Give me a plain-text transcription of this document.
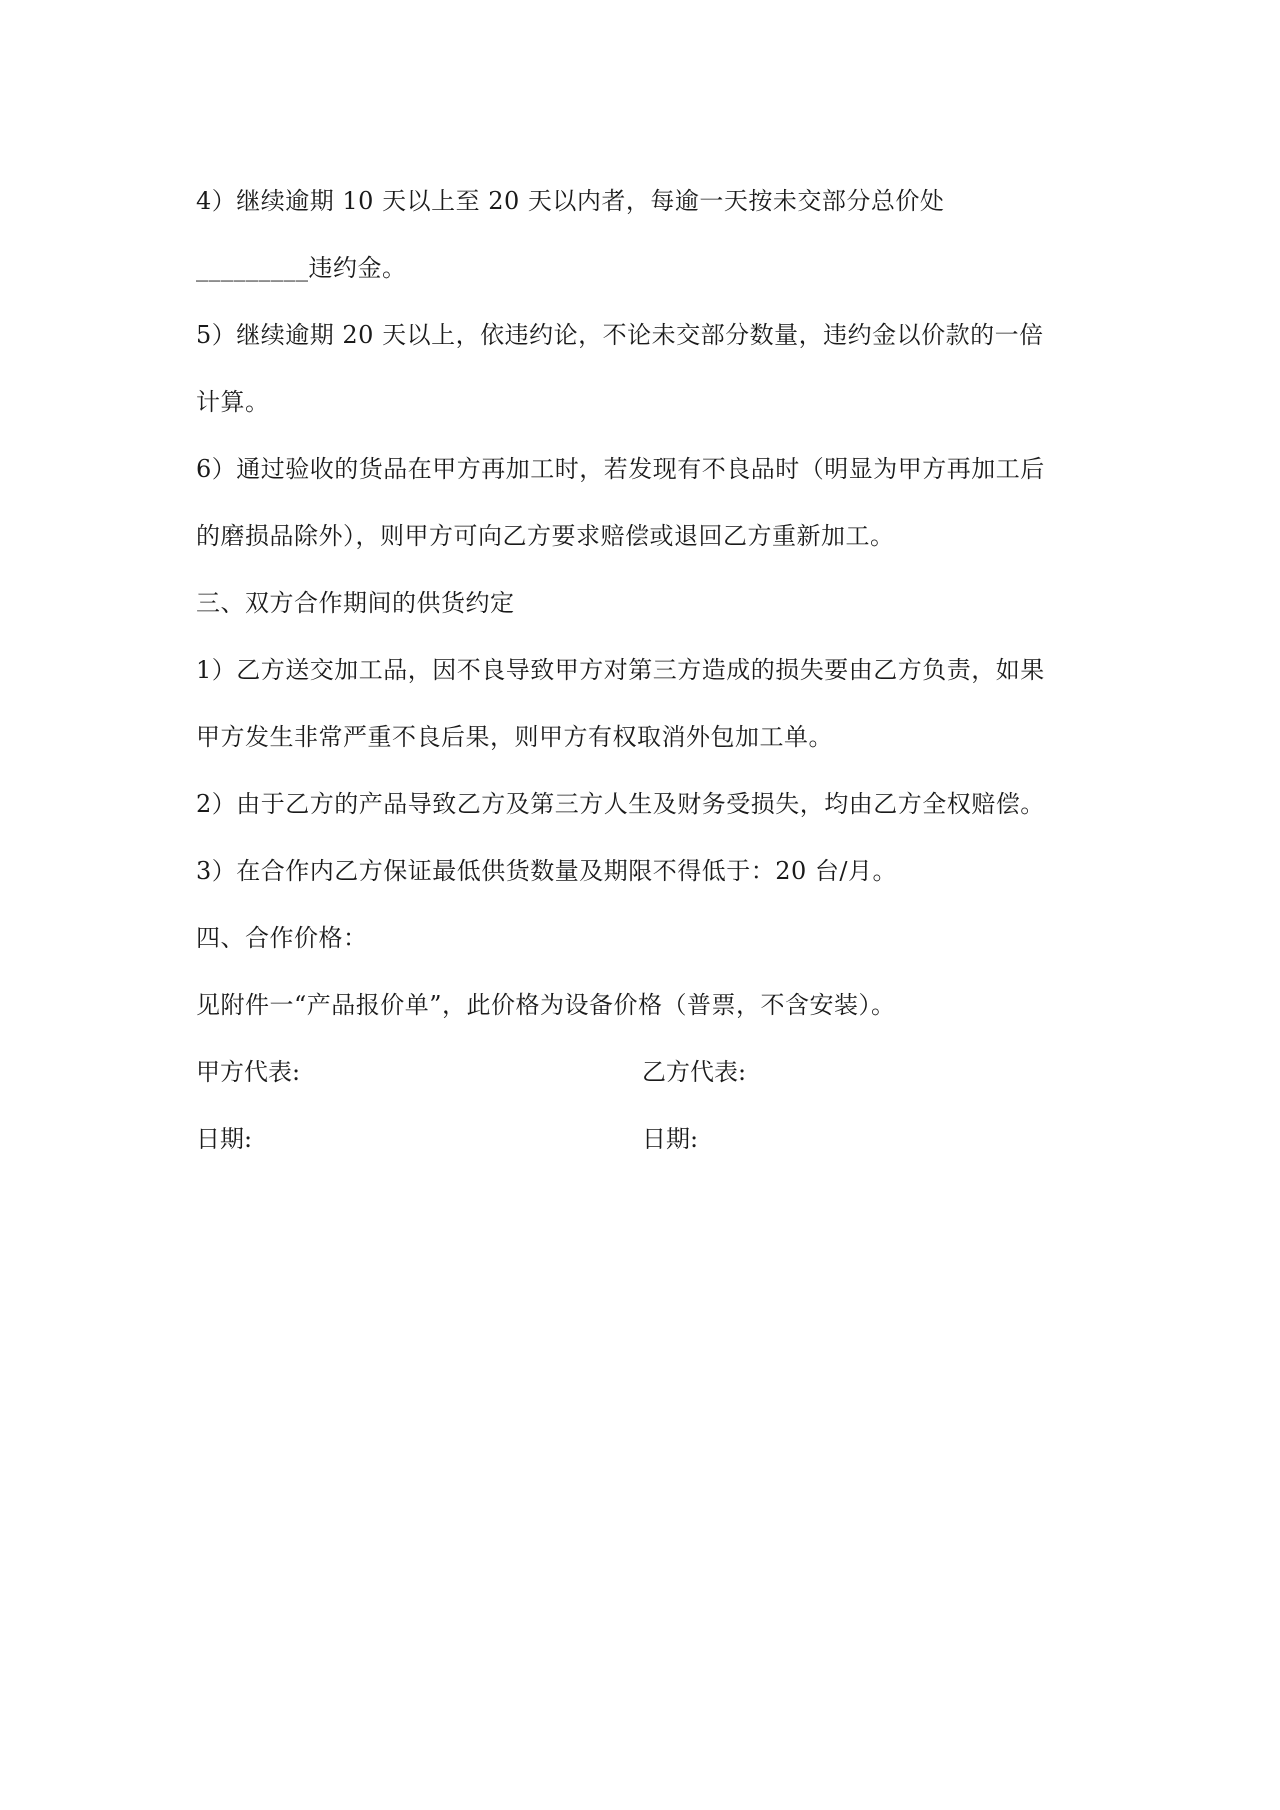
4）继续逾期 10 天以上至 20 天以内者，每逾一天按未交部分总价处
_________违约金。
5）继续逾期 20 天以上，依违约论，不论未交部分数量，违约金以价款的一倍
计算。
6）通过验收的货品在甲方再加工时，若发现有不良品时（明显为甲方再加工后
的磨损品除外），则甲方可向乙方要求赔偿或退回乙方重新加工。
三、双方合作期间的供货约定
1）乙方送交加工品，因不良导致甲方对第三方造成的损失要由乙方负责，如果
甲方发生非常严重不良后果，则甲方有权取消外包加工单。
2）由于乙方的产品导致乙方及第三方人生及财务受损失，均由乙方全权赔偿。
3）在合作内乙方保证最低供货数量及期限不得低于：20 台/月。
四、合作价格：
见附件一“产品报价单”，此价格为设备价格（普票，不含安装）。
甲方代表:	乙方代表:
日期:	日期:
